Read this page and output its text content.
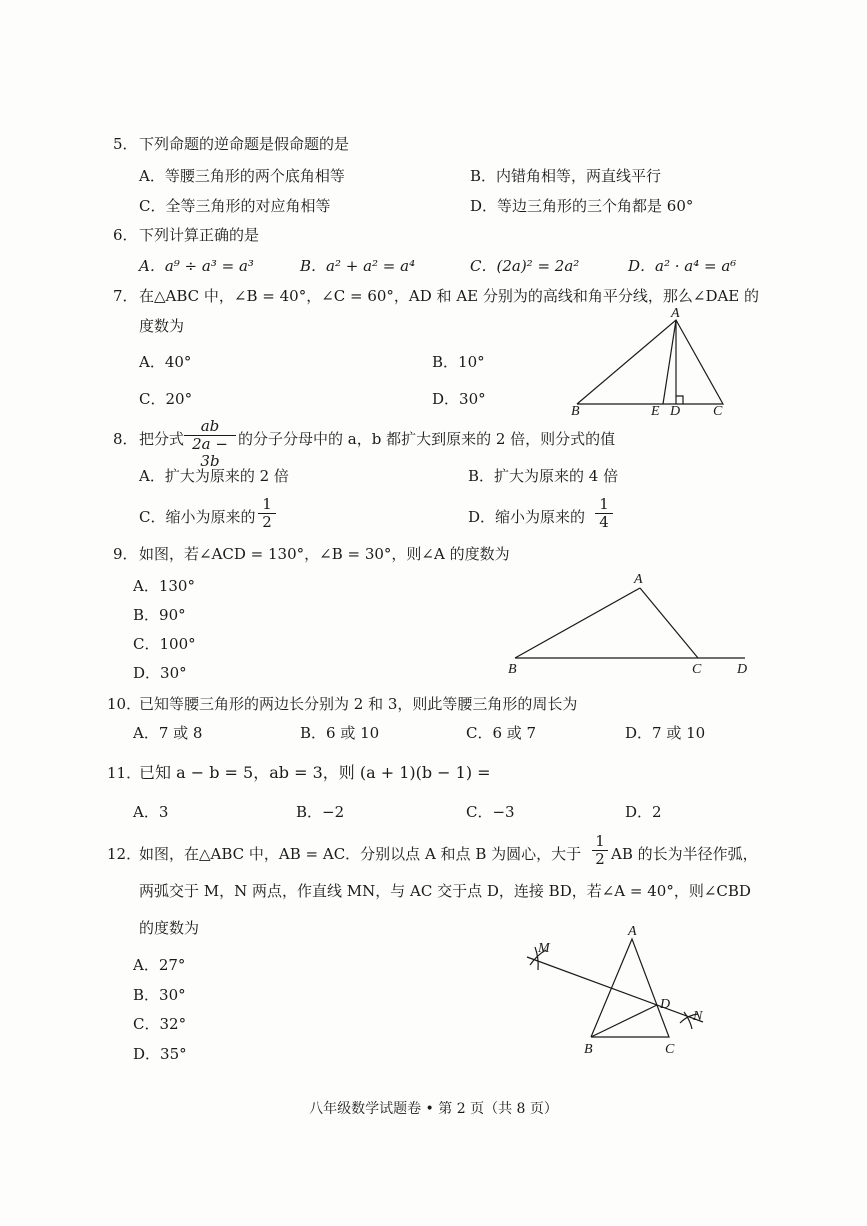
5． 下列命题的逆命题是假命题的是
A．等腰三角形的两个底角相等	B．内错角相等，两直线平行
C．全等三角形的对应角相等	D．等边三角形的三个角都是 60°
6． 下列计算正确的是
A．a⁹ ÷ a³ = a³	B．a² + a² = a⁴	C．(2a)² = 2a²	D．a² · a⁴ = a⁶
7． 在△ABC 中，∠B = 40°，∠C = 60°，AD 和 AE 分别为的高线和角平分线，那么∠DAE 的
度数为
A．40°	B．10°
C．20°	D．30°
A
B	E D C
8． 把分式 $\frac{ab}{2a - 3b}$ 的分子分母中的 a，b 都扩大到原来的 2 倍，则分式的值
A．扩大为原来的 2 倍	B．扩大为原来的 4 倍
C．缩小为原来的 $\frac{1}{2}$	D．缩小为原来的 $\frac{1}{4}$
9． 如图，若∠ACD = 130°，∠B = 30°，则∠A 的度数为
A．130°
B．90°
C．100°
D．30°
A
B	C	D
10．
已知等腰三角形的两边长分别为 2 和 3，则此等腰三角形的周长为
A．7 或 8	B．6 或 10	C．6 或 7	D．7 或 10
11．
已知 a − b = 5，ab = 3，则 (a + 1)(b − 1) =
A．3	B．−2	C．−3	D．2
12．
如图，在△ABC 中，AB = AC．分别以点 A 和点 B 为圆心，大于 $\frac{1}{2}$ AB 的长为半径作弧，
两弧交于 M，N 两点，作直线 MN，与 AC 交于点 D，连接 BD，若∠A = 40°，则∠CBD
的度数为
A．27°
B．30°
C．32°
D．35°
M
A
D
N
B	C
八年级数学试题卷 • 第 2 页（共 8 页）
